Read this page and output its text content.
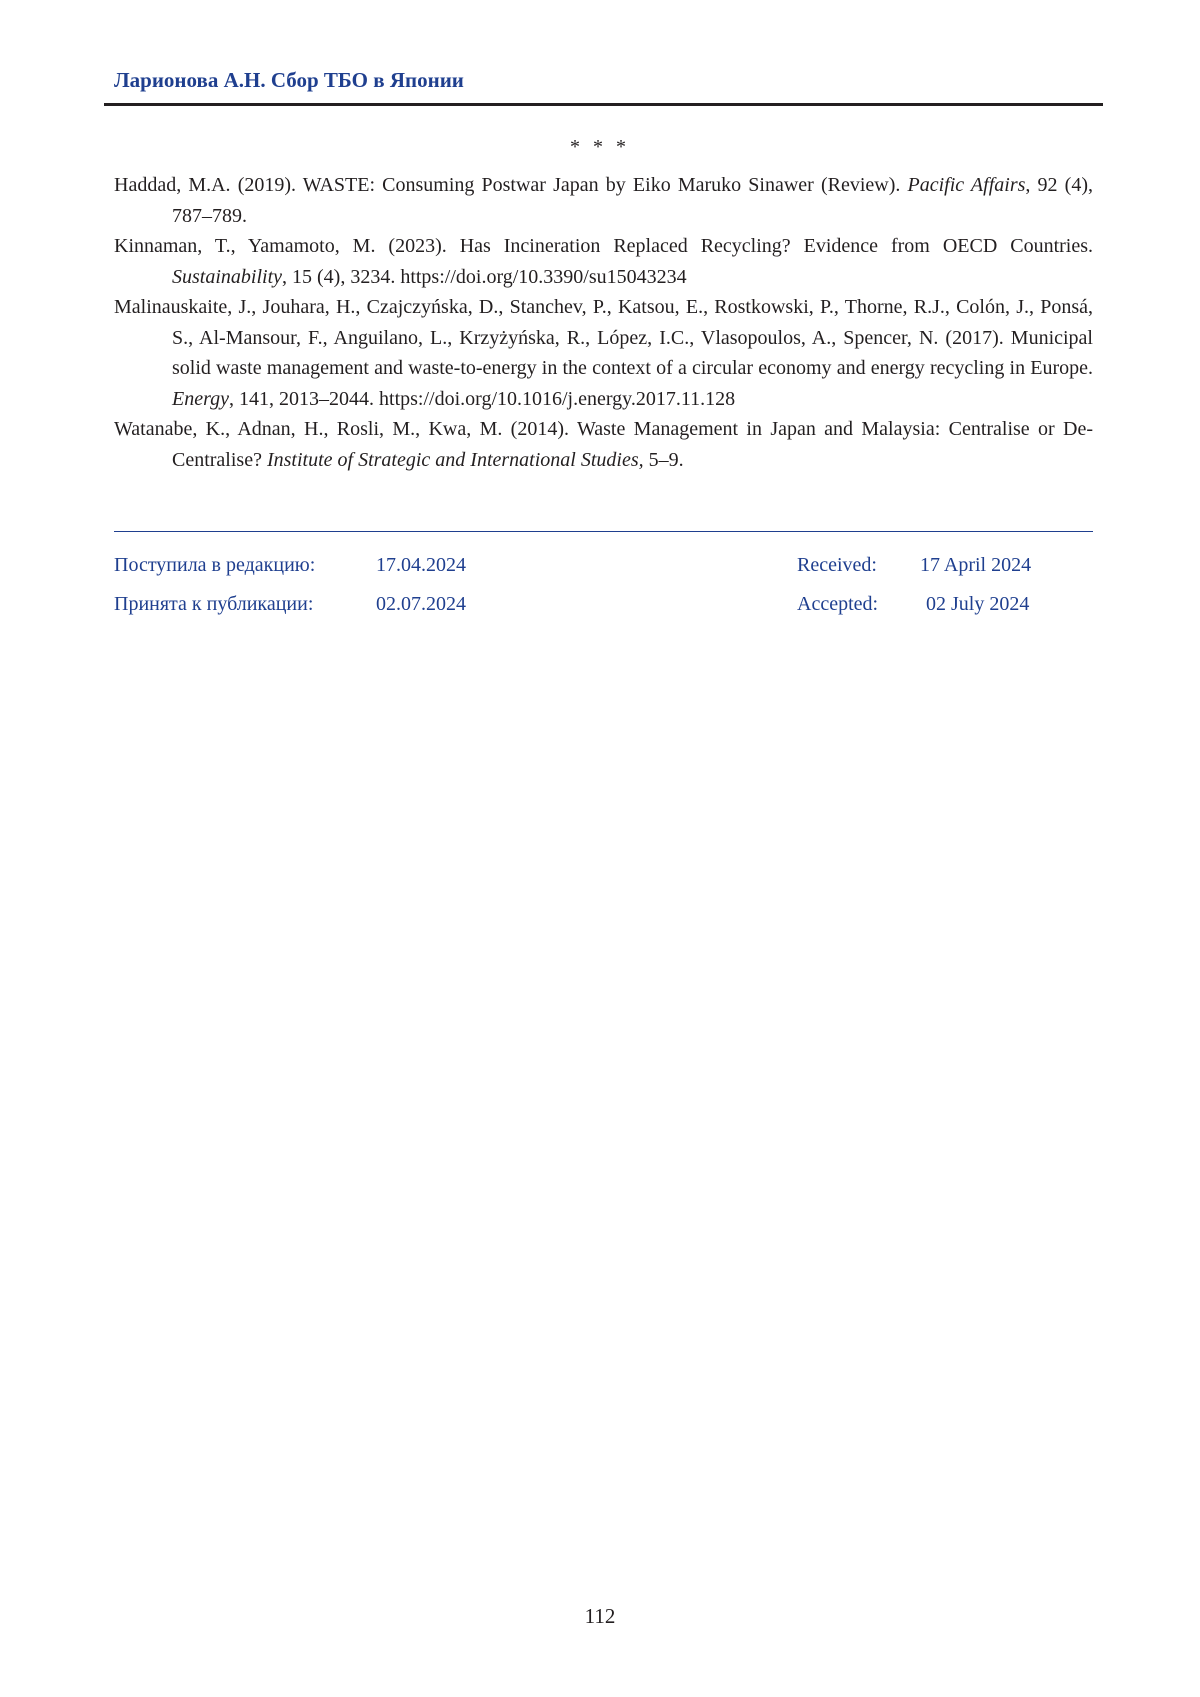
Ларионова А.Н. Сбор ТБО в Японии
* * *

Haddad, M.A. (2019). WASTE: Consuming Postwar Japan by Eiko Maruko Sinawer (Review). Pacific Affairs, 92 (4), 787–789.

Kinnaman, T., Yamamoto, M. (2023). Has Incineration Replaced Recycling? Evidence from OECD Countries. Sustainability, 15 (4), 3234. https://doi.org/10.3390/su15043234

Malinauskaite, J., Jouhara, H., Czajczyńska, D., Stanchev, P., Katsou, E., Rostkowski, P., Thorne, R.J., Colón, J., Ponsá, S., Al-Mansour, F., Anguilano, L., Krzyżyńska, R., López, I.C., Vlasopoulos, A., Spencer, N. (2017). Municipal solid waste management and waste-to-energy in the context of a circular economy and energy recycling in Europe. Energy, 141, 2013–2044. https://doi.org/10.1016/j.energy.2017.11.128

Watanabe, K., Adnan, H., Rosli, M., Kwa, M. (2014). Waste Management in Japan and Malaysia: Centralise or De-Centralise? Institute of Strategic and International Studies, 5–9.

Поступила в редакцию:	17.04.2024
Принята к публикации:	02.07.2024
Received: 17 April 2024
Accepted: 02 July 2024
112
